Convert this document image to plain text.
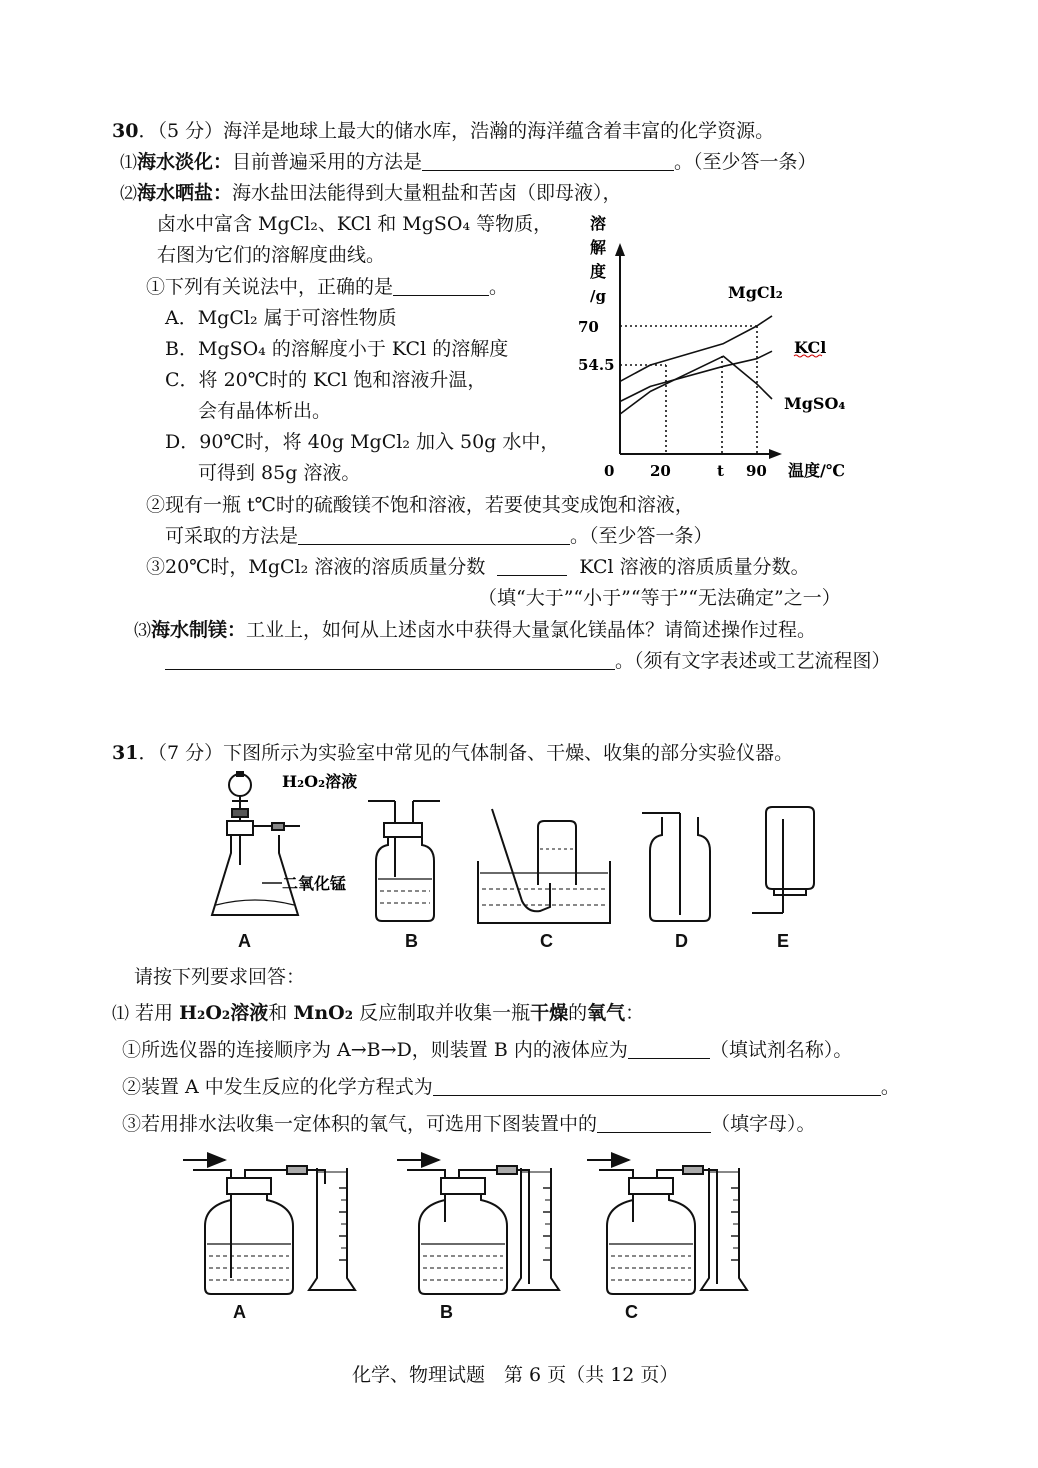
30．（5 分）海洋是地球上最大的储水库，浩瀚的海洋蕴含着丰富的化学资源。
⑴海水淡化：目前普遍采用的方法是	。（至少答一条）
⑵海水晒盐：海水盐田法能得到大量粗盐和苦卤（即母液），
卤水中富含 MgCl₂、KCl 和 MgSO₄ 等物质，
右图为它们的溶解度曲线。
①下列有关说法中，正确的是	。
A．MgCl₂ 属于可溶性物质
B．MgSO₄ 的溶解度小于 KCl 的溶解度
C．将 20℃时的 KCl 饱和溶液升温，
会有晶体析出。
D．90℃时，将 40g MgCl₂ 加入 50g 水中，
可得到 85g 溶液。
溶
解
度
/g
70
54.5
0 20	t 90 温度/℃
MgCl₂
KCl
MgSO₄
②现有一瓶 t℃时的硫酸镁不饱和溶液，若要使其变成饱和溶液，
可采取的方法是	。（至少答一条）
③20℃时，MgCl₂ 溶液的溶质质量分数	KCl 溶液的溶质质量分数。
（填“大于”“小于”“等于”“无法确定”之一）
⑶海水制镁：工业上，如何从上述卤水中获得大量氯化镁晶体？请简述操作过程。
。（须有文字表述或工艺流程图）
31．（7 分）下图所示为实验室中常见的气体制备、干燥、收集的部分实验仪器。
H₂O₂溶液
二氧化锰
A	B	C	D	E
请按下列要求回答：
⑴ 若用 H₂O₂溶液和 MnO₂ 反应制取并收集一瓶干燥的氧气：
①所选仪器的连接顺序为 A→B→D，则装置 B 内的液体应为	（填试剂名称）。
②装置 A 中发生反应的化学方程式为	。
③若用排水法收集一定体积的氧气，可选用下图装置中的	（填字母）。
A	B	C
化学、物理试题　第 6 页（共 12 页）
